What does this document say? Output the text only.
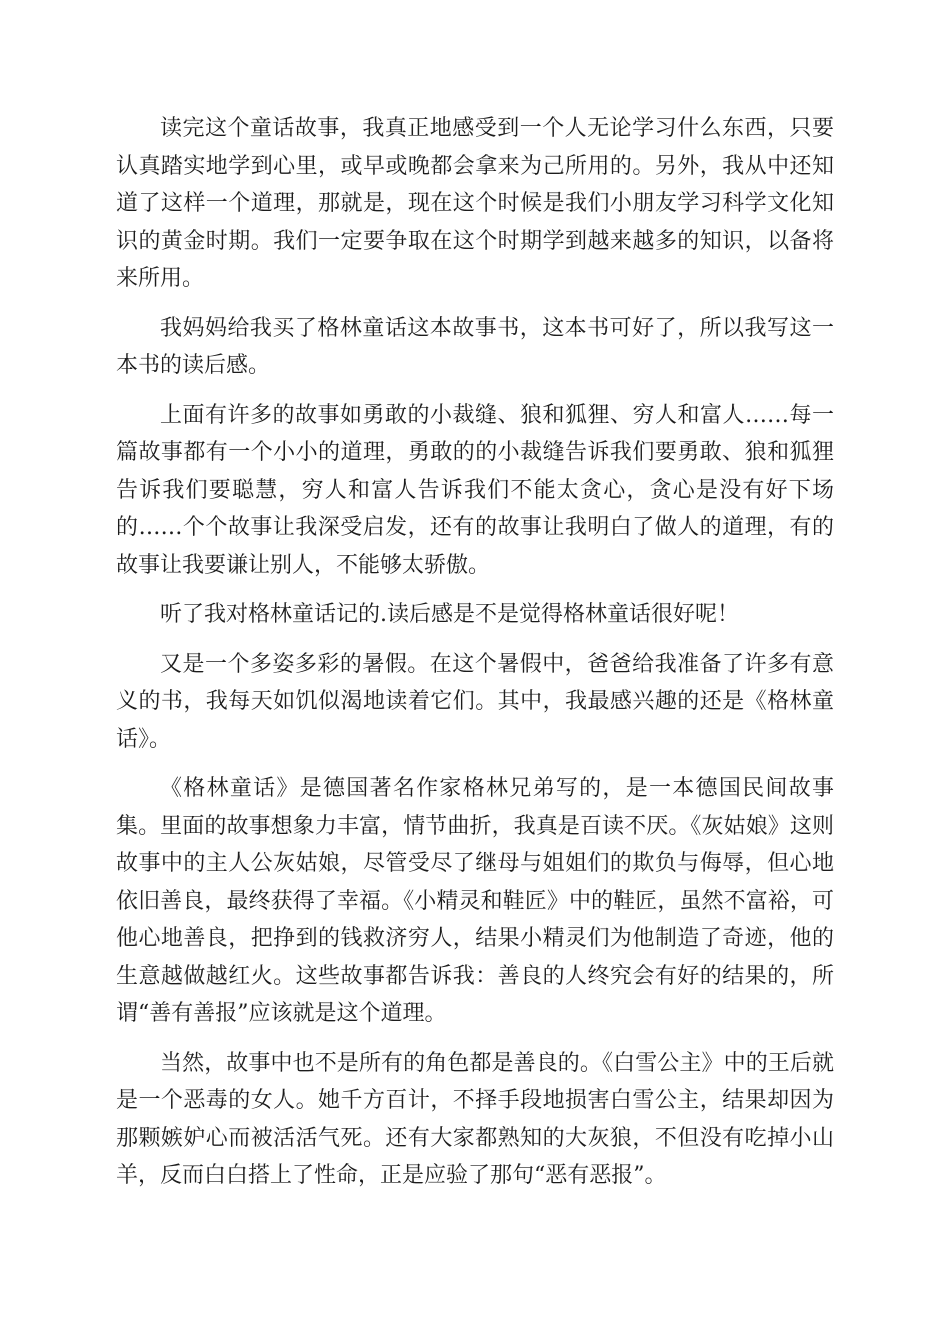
读完这个童话故事，我真正地感受到一个人无论学习什么东西，只要认真踏实地学到心里，或早或晚都会拿来为己所用的。另外，我从中还知道了这样一个道理，那就是，现在这个时候是我们小朋友学习科学文化知识的黄金时期。我们一定要争取在这个时期学到越来越多的知识，以备将来所用。

我妈妈给我买了格林童话这本故事书，这本书可好了，所以我写这一本书的读后感。

上面有许多的故事如勇敢的小裁缝、狼和狐狸、穷人和富人……每一篇故事都有一个小小的道理，勇敢的的小裁缝告诉我们要勇敢、狼和狐狸告诉我们要聪慧，穷人和富人告诉我们不能太贪心，贪心是没有好下场的……个个故事让我深受启发，还有的故事让我明白了做人的道理，有的故事让我要谦让别人，不能够太骄傲。

听了我对格林童话记的.读后感是不是觉得格林童话很好呢！

又是一个多姿多彩的暑假。在这个暑假中，爸爸给我准备了许多有意义的书，我每天如饥似渴地读着它们。其中，我最感兴趣的还是《格林童话》。

《格林童话》是德国著名作家格林兄弟写的，是一本德国民间故事集。里面的故事想象力丰富，情节曲折，我真是百读不厌。《灰姑娘》这则故事中的主人公灰姑娘，尽管受尽了继母与姐姐们的欺负与侮辱，但心地依旧善良，最终获得了幸福。《小精灵和鞋匠》中的鞋匠，虽然不富裕，可他心地善良，把挣到的钱救济穷人，结果小精灵们为他制造了奇迹，他的生意越做越红火。这些故事都告诉我：善良的人终究会有好的结果的，所谓“善有善报”应该就是这个道理。

当然，故事中也不是所有的角色都是善良的。《白雪公主》中的王后就是一个恶毒的女人。她千方百计，不择手段地损害白雪公主，结果却因为那颗嫉妒心而被活活气死。还有大家都熟知的大灰狼，不但没有吃掉小山羊，反而白白搭上了性命，正是应验了那句“恶有恶报”。
